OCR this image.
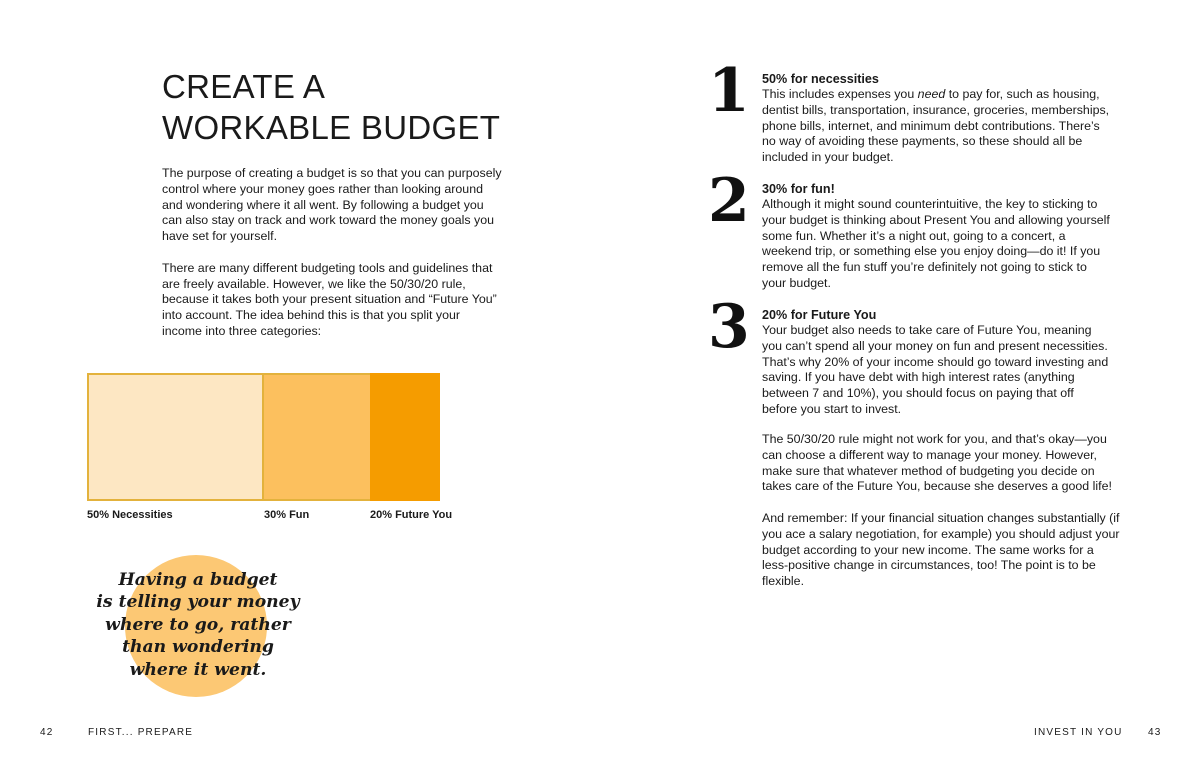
CREATE A
WORKABLE BUDGET

The purpose of creating a budget is so that you can purposely control where your money goes rather than looking around and wondering where it all went. By following a budget you can also stay on track and work toward the money goals you have set for yourself.

There are many different budgeting tools and guidelines that are freely available. However, we like the 50/30/20 rule, because it takes both your present situation and “Future You” into account. The idea behind this is that you split your income into three categories:

50% Necessities	30% Fun	20% Future You

Having a budget
is telling your money
where to go, rather
than wondering
where it went.

42	FIRST... PREPARE
1 50% for necessities

This includes expenses you need to pay for, such as housing, dentist bills, transportation, insurance, groceries, memberships, phone bills, internet, and minimum debt contributions. There’s no way of avoiding these payments, so these should all be included in your budget.

2 30% for fun!

Although it might sound counterintuitive, the key to sticking to your budget is thinking about Present You and allowing yourself some fun. Whether it’s a night out, going to a concert, a weekend trip, or something else you enjoy doing—do it! If you remove all the fun stuff you’re definitely not going to stick to your budget.

3 20% for Future You

Your budget also needs to take care of Future You, meaning you can’t spend all your money on fun and present necessities. That’s why 20% of your income should go toward investing and saving. If you have debt with high interest rates (anything between 7 and 10%), you should focus on paying that off before you start to invest.

The 50/30/20 rule might not work for you, and that’s okay—you can choose a different way to manage your money. However, make sure that whatever method of budgeting you decide on takes care of the Future You, because she deserves a good life!

And remember: If your financial situation changes substantially (if you ace a salary negotiation, for example) you should adjust your budget according to your new income. The same works for a less-positive change in circumstances, too! The point is to be flexible.

INVEST IN YOU	43
